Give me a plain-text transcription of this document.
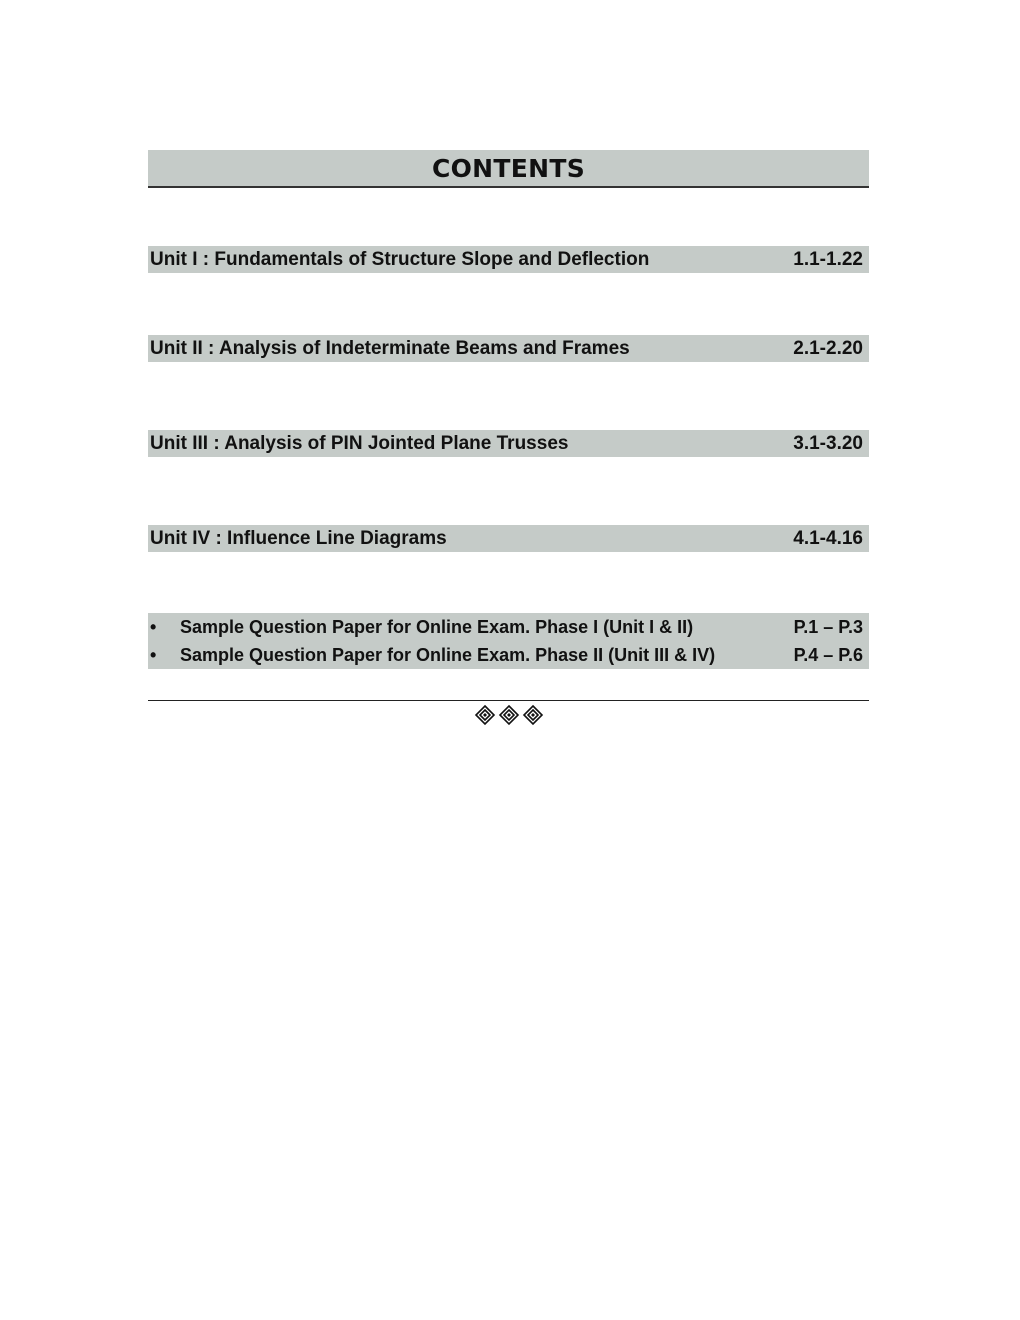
CONTENTS
Unit I : Fundamentals of Structure Slope and Deflection	1.1-1.22
Unit II : Analysis of Indeterminate Beams and Frames	2.1-2.20
Unit III : Analysis of PIN Jointed Plane Trusses	3.1-3.20
Unit IV : Influence Line Diagrams	4.1-4.16
•	Sample Question Paper for Online Exam. Phase I (Unit I & II)	P.1 – P.3
•	Sample Question Paper for Online Exam. Phase II (Unit III & IV)	P.4 – P.6
